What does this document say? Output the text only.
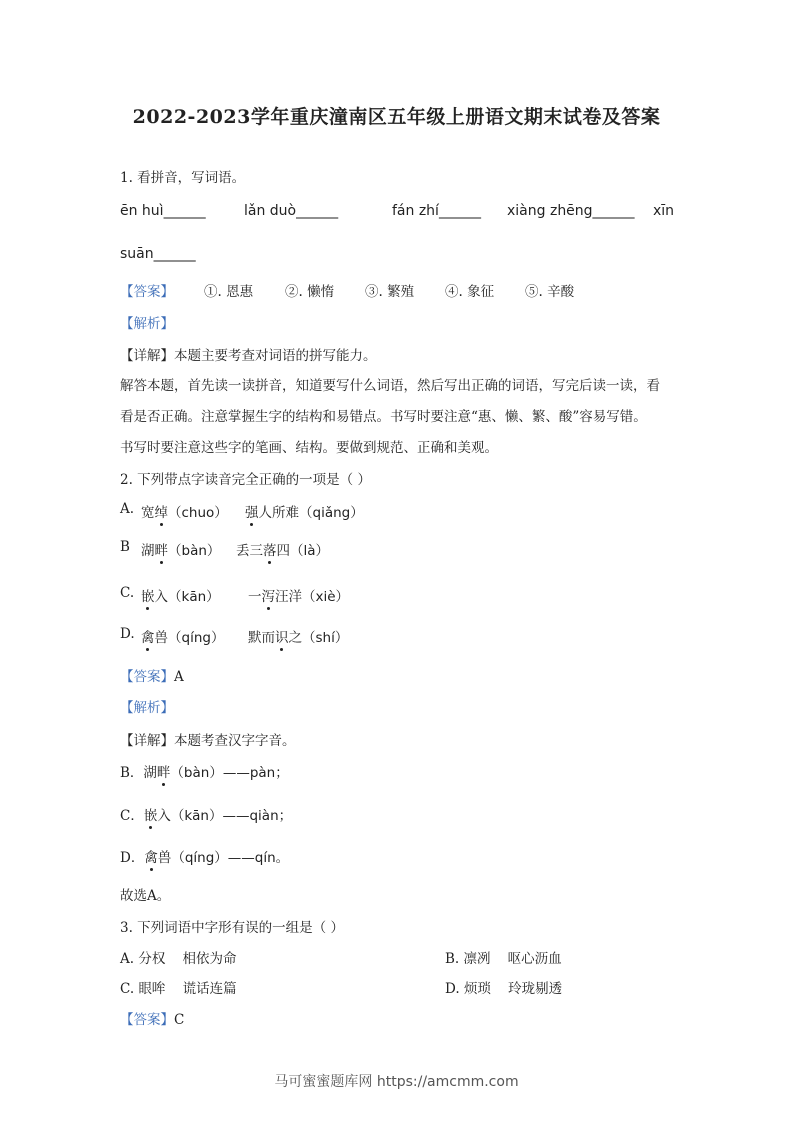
2022-2023学年重庆潼南区五年级上册语文期末试卷及答案
1. 看拼音，写词语。
ēn huì______	lǎn duò______	fán zhí______ xiàng zhēng______ xīn
suān______
【答案】 ①. 恩惠 ②. 懒惰 ③. 繁殖 ④. 象征 ⑤. 辛酸
【解析】
【详解】本题主要考查对词语的拼写能力。
解答本题，首先读一读拼音，知道要写什么词语，然后写出正确的词语，写完后读一读，看
看是否正确。注意掌握生字的结构和易错点。书写时要注意“惠、懒、繁、酸”容易写错。
书写时要注意这些字的笔画、结构。要做到规范、正确和美观。
2. 下列带点字读音完全正确的一项是（ ）
A. 宽绰（chuo） 强人所难（qiǎng）
B 湖畔（bàn） 丢三落四（là）
C. 嵌入（kān） 一泻汪洋（xiè）
D. 禽兽（qíng） 默而识之（shí）
【答案】A
【解析】
【详解】本题考查汉字字音。
B．湖畔（bàn）——pàn；
C．嵌入（kān）——qiàn；
D．禽兽（qíng）——qín。
故选A。
3. 下列词语中字形有误的一组是（ ）
A. 分权    相依为命	B. 凛冽    呕心沥血
C. 眼哞    谎话连篇	D. 烦琐    玲珑剔透
【答案】C
马可蜜蜜题库网 https://amcmm.com
